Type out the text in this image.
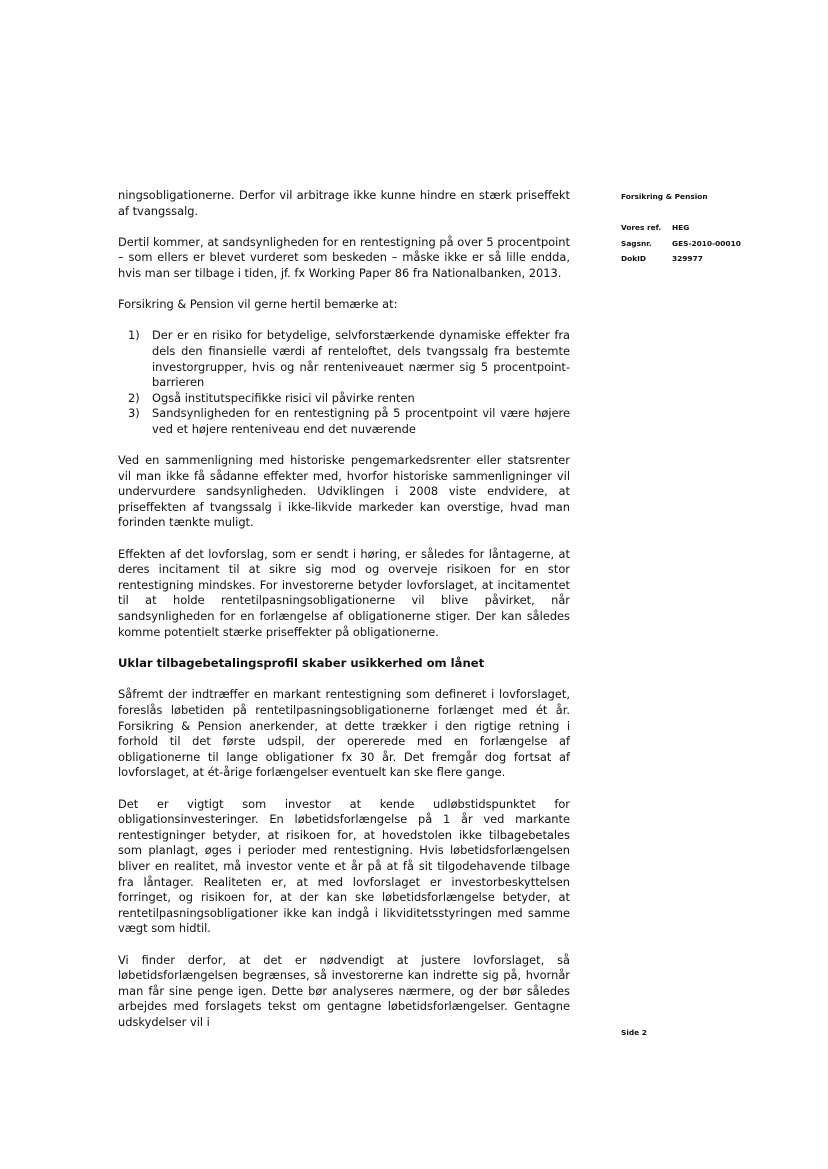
ningsobligationerne. Derfor vil arbitrage ikke kunne hindre en stærk priseffekt af tvangssalg.

Dertil kommer, at sandsynligheden for en rentestigning på over 5 procentpoint – som ellers er blevet vurderet som beskeden – måske ikke er så lille endda, hvis man ser tilbage i tiden, jf. fx Working Paper 86 fra Nationalbanken, 2013.

Forsikring & Pension vil gerne hertil bemærke at:

1) Der er en risiko for betydelige, selvforstærkende dynamiske effekter fra dels den finansielle værdi af renteloftet, dels tvangssalg fra bestemte investorgrupper, hvis og når renteniveauet nærmer sig 5 procentpoint-barrieren
2) Også institutspecifikke risici vil påvirke renten
3) Sandsynligheden for en rentestigning på 5 procentpoint vil være højere ved et højere renteniveau end det nuværende

Ved en sammenligning med historiske pengemarkedsrenter eller statsrenter vil man ikke få sådanne effekter med, hvorfor historiske sammenligninger vil undervurdere sandsynligheden. Udviklingen i 2008 viste endvidere, at priseffekten af tvangssalg i ikke-likvide markeder kan overstige, hvad man forinden tænkte muligt.

Effekten af det lovforslag, som er sendt i høring, er således for låntagerne, at deres incitament til at sikre sig mod og overveje risikoen for en stor rentestigning mindskes. For investorerne betyder lovforslaget, at incitamentet til at holde rentetilpasningsobligationerne vil blive påvirket, når sandsynligheden for en forlængelse af obligationerne stiger. Der kan således komme potentielt stærke priseffekter på obligationerne.

Uklar tilbagebetalingsprofil skaber usikkerhed om lånet

Såfremt der indtræffer en markant rentestigning som defineret i lovforslaget, foreslås løbetiden på rentetilpasningsobligationerne forlænget med ét år. Forsikring & Pension anerkender, at dette trækker i den rigtige retning i forhold til det første udspil, der opererede med en forlængelse af obligationerne til lange obligationer fx 30 år. Det fremgår dog fortsat af lovforslaget, at ét-årige forlængelser eventuelt kan ske flere gange.

Det er vigtigt som investor at kende udløbstidspunktet for obligationsinvesteringer. En løbetidsforlængelse på 1 år ved markante rentestigninger betyder, at risikoen for, at hovedstolen ikke tilbagebetales som planlagt, øges i perioder med rentestigning. Hvis løbetidsforlængelsen bliver en realitet, må investor vente et år på at få sit tilgodehavende tilbage fra låntager. Realiteten er, at med lovforslaget er investorbeskyttelsen forringet, og risikoen for, at der kan ske løbetidsforlængelse betyder, at rentetilpasningsobligationer ikke kan indgå i likviditetsstyringen med samme vægt som hidtil.

Vi finder derfor, at det er nødvendigt at justere lovforslaget, så løbetidsforlængelsen begrænses, så investorerne kan indrette sig på, hvornår man får sine penge igen. Dette bør analyseres nærmere, og der bør således arbejdes med forslagets tekst om gentagne løbetidsforlængelser. Gentagne udskydelser vil i

Forsikring & Pension
Vores ref.	HEG
Sagsnr.	GES-2010-00010
DokID	329977
Side 2
